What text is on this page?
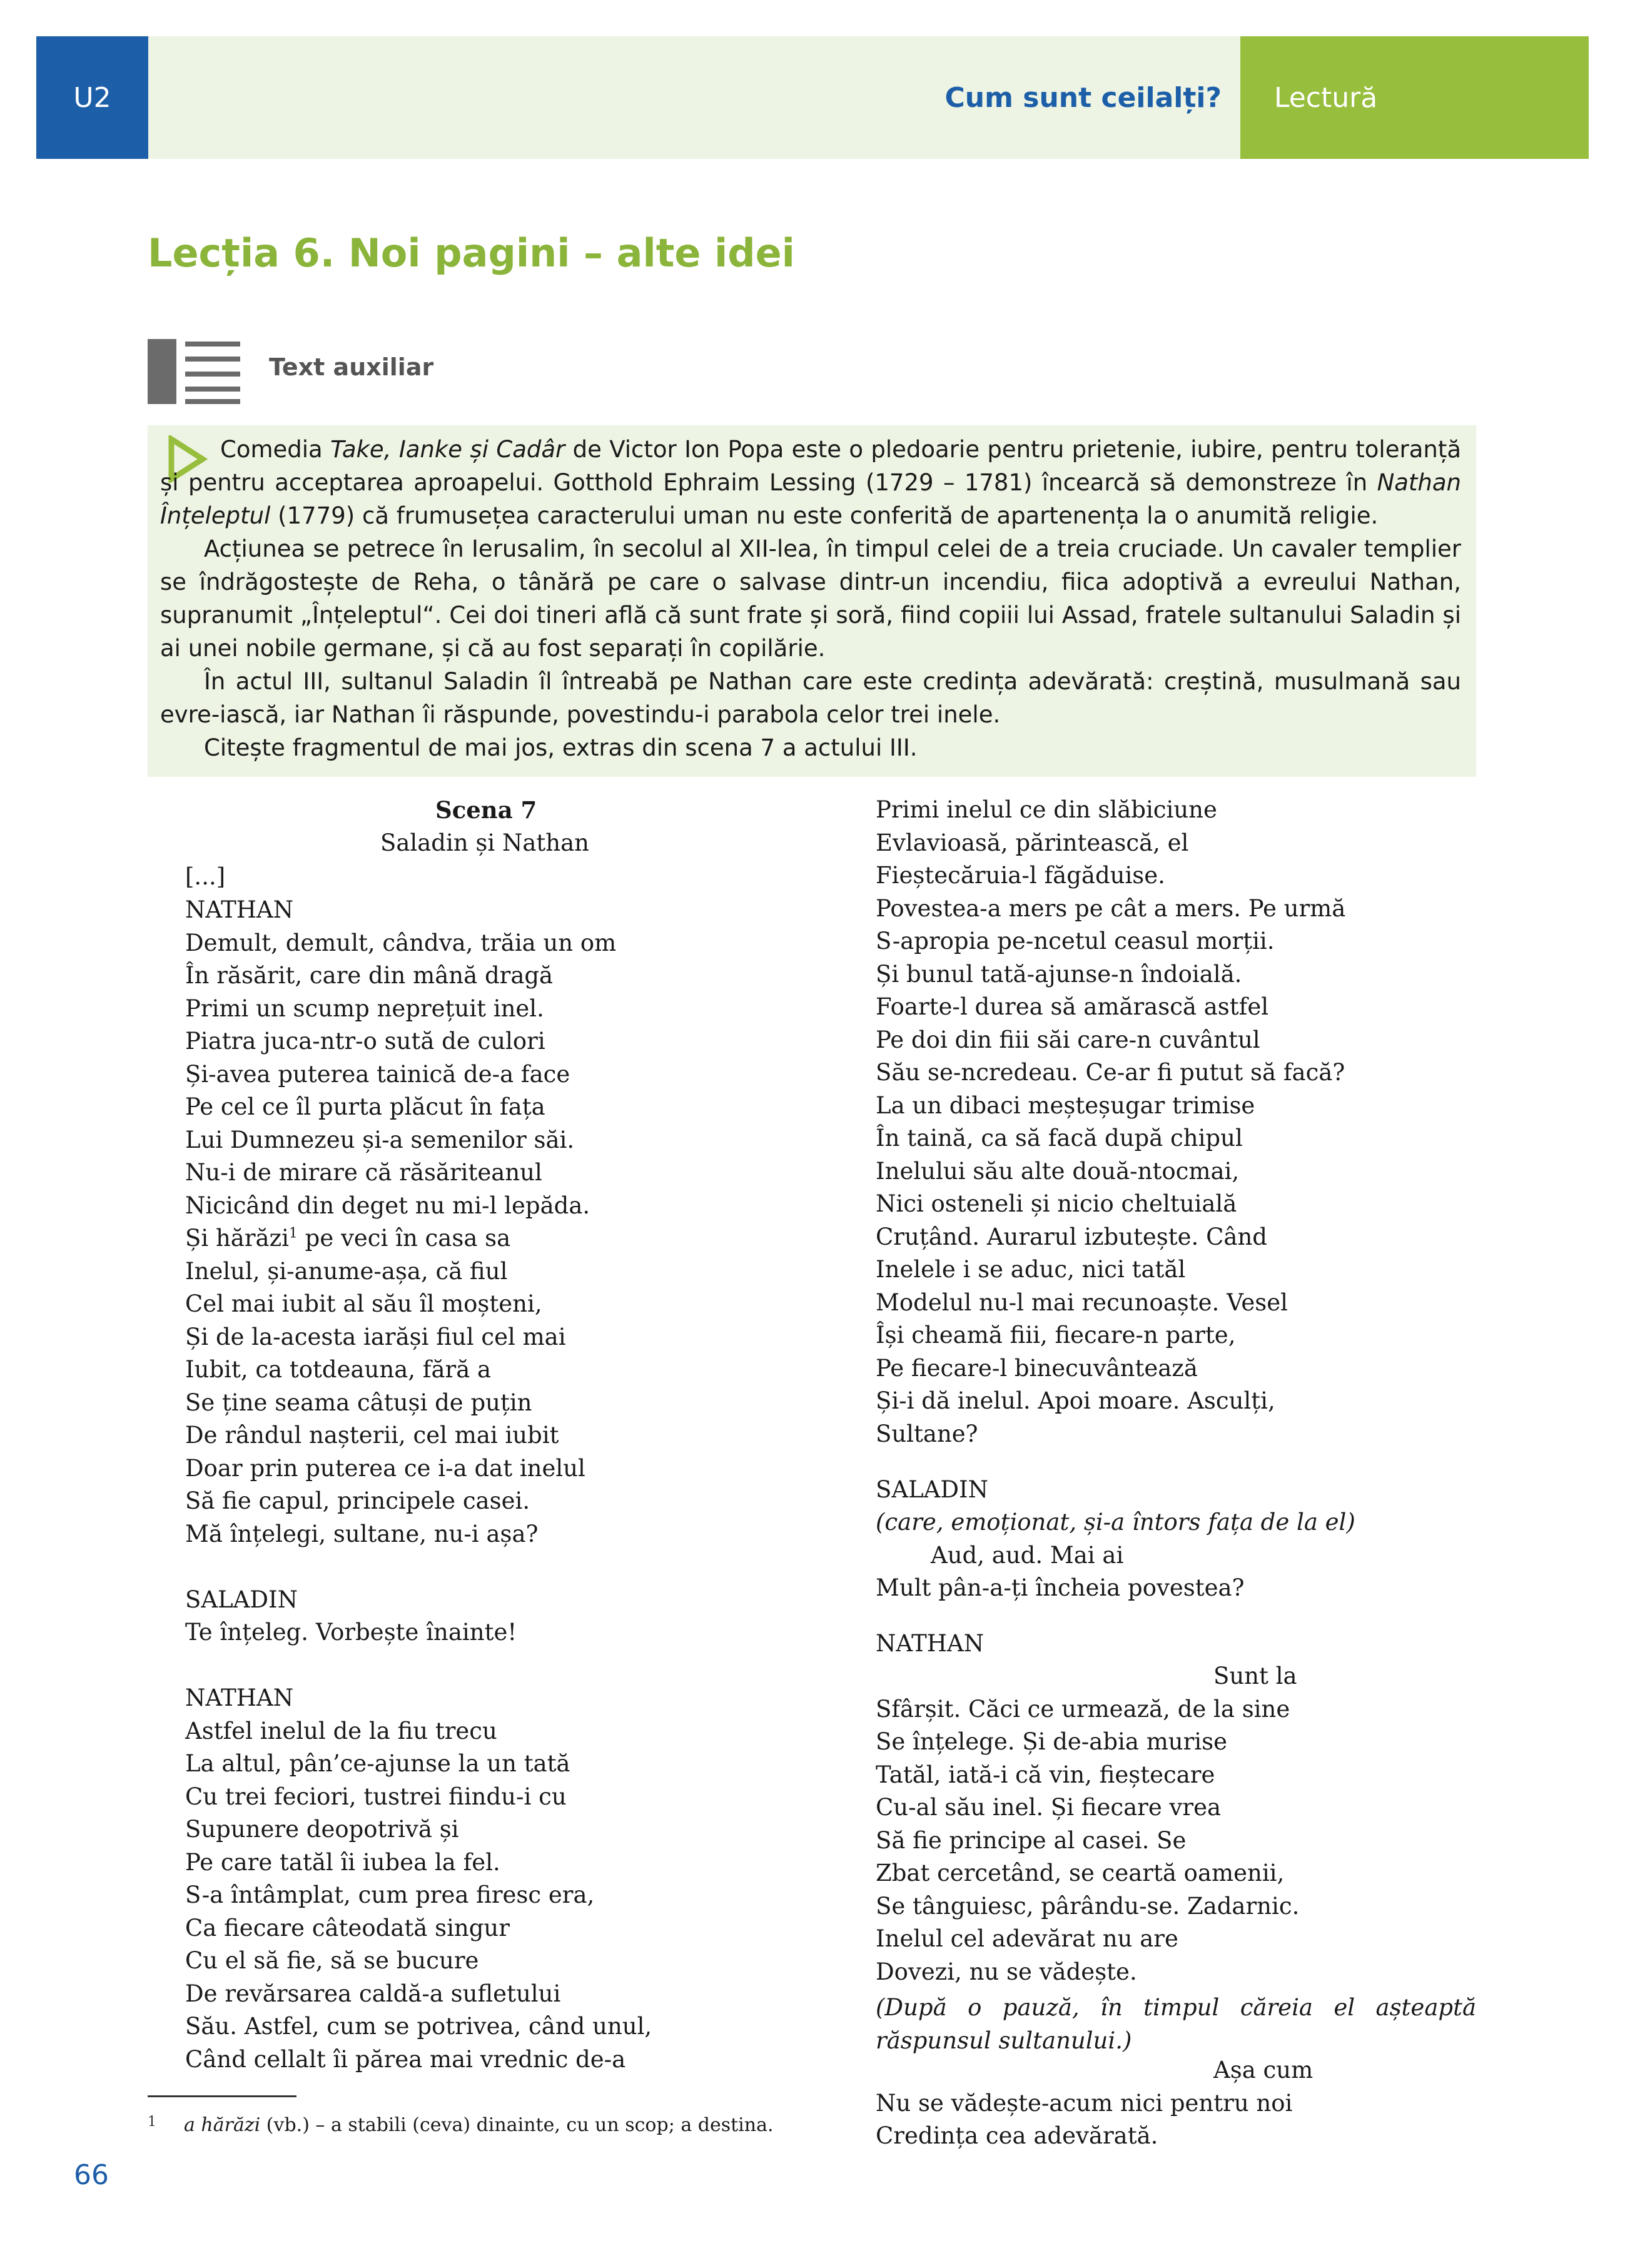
U2	Cum sunt ceilalți?	Lectură
Lecția 6. Noi pagini – alte idei
Text auxiliar

Comedia Take, Ianke și Cadâr de Victor Ion Popa este o pledoarie pentru prietenie, iubire, pentru toleranță și pentru acceptarea aproapelui. Gotthold Ephraim Lessing (1729 – 1781) încearcă să demonstreze în Nathan Înțeleptul (1779) că frumusețea caracterului uman nu este conferită de apartenența la o anumită religie.

Acțiunea se petrece în Ierusalim, în secolul al XII-lea, în timpul celei de a treia cruciade. Un cavaler templier se îndrăgostește de Reha, o tânără pe care o salvase dintr-un incendiu, fiica adoptivă a evreului Nathan, supranumit „Înțeleptul“. Cei doi tineri află că sunt frate și soră, fiind copiii lui Assad, fratele sultanului Saladin și ai unei nobile germane, și că au fost separați în copilărie.

În actul III, sultanul Saladin îl întreabă pe Nathan care este credința adevărată: creștină, musulmană sau evre-iască, iar Nathan îi răspunde, povestindu-i parabola celor trei inele.

Citește fragmentul de mai jos, extras din scena 7 a actului III.

Scena 7
Saladin și Nathan
[...]
NATHAN
Demult, demult, cândva, trăia un om
În răsărit, care din mână dragă
Primi un scump neprețuit inel.
Piatra juca-ntr-o sută de culori
Și-avea puterea tainică de-a face
Pe cel ce îl purta plăcut în fața
Lui Dumnezeu și-a semenilor săi.
Nu-i de mirare că răsăriteanul
Nicicând din deget nu mi-l lepăda.
Și hărăzi$^1$ pe veci în casa sa
Inelul, și-anume-așa, că fiul
Cel mai iubit al său îl moșteni,
Și de la-acesta iarăși fiul cel mai
Iubit, ca totdeauna, fără a
Se ține seama câtuși de puțin
De rândul nașterii, cel mai iubit
Doar prin puterea ce i-a dat inelul
Să fie capul, principele casei.
Mă înțelegi, sultane, nu-i așa?
SALADIN
Te înțeleg. Vorbește înainte!
NATHAN
Astfel inelul de la fiu trecu
La altul, pân’ce-ajunse la un tată
Cu trei feciori, tustrei fiindu-i cu
Supunere deopotrivă și
Pe care tatăl îi iubea la fel.
S-a întâmplat, cum prea firesc era,
Ca fiecare câteodată singur
Cu el să fie, să se bucure
De revărsarea caldă-a sufletului
Său. Astfel, cum se potrivea, când unul,
Când cellalt îi părea mai vrednic de-a
Primi inelul ce din slăbiciune
Evlavioasă, părintească, el
Fieștecăruia-l făgăduise.
Povestea-a mers pe cât a mers. Pe urmă
S-apropia pe-ncetul ceasul morții.
Și bunul tată-ajunse-n îndoială.
Foarte-l durea să amărască astfel
Pe doi din fiii săi care-n cuvântul
Său se-ncredeau. Ce-ar fi putut să facă?
La un dibaci meșteșugar trimise
În taină, ca să facă după chipul
Inelului său alte două-ntocmai,
Nici osteneli și nicio cheltuială
Cruțând. Aurarul izbutește. Când
Inelele i se aduc, nici tatăl
Modelul nu-l mai recunoaște. Vesel
Își cheamă fiii, fiecare-n parte,
Pe fiecare-l binecuvântează
Și-i dă inelul. Apoi moare. Asculți,
Sultane?
SALADIN
(care, emoționat, și-a întors fața de la el)
Aud, aud. Mai ai
Mult pân-a-ți încheia povestea?
NATHAN
Sunt la
Sfârșit. Căci ce urmează, de la sine
Se înțelege. Și de-abia murise
Tatăl, iată-i că vin, fieștecare
Cu-al său inel. Și fiecare vrea
Să fie principe al casei. Se
Zbat cercetând, se ceartă oamenii,
Se tânguiesc, pârându-se. Zadarnic.
Inelul cel adevărat nu are
Dovezi, nu se vădește.
(După o pauză, în timpul căreia el așteaptă răspunsul sultanului.)
Așa cum
Nu se vădește-acum nici pentru noi
Credința cea adevărată.
1 a hărăzi (vb.) – a stabili (ceva) dinainte, cu un scop; a destina.
66
